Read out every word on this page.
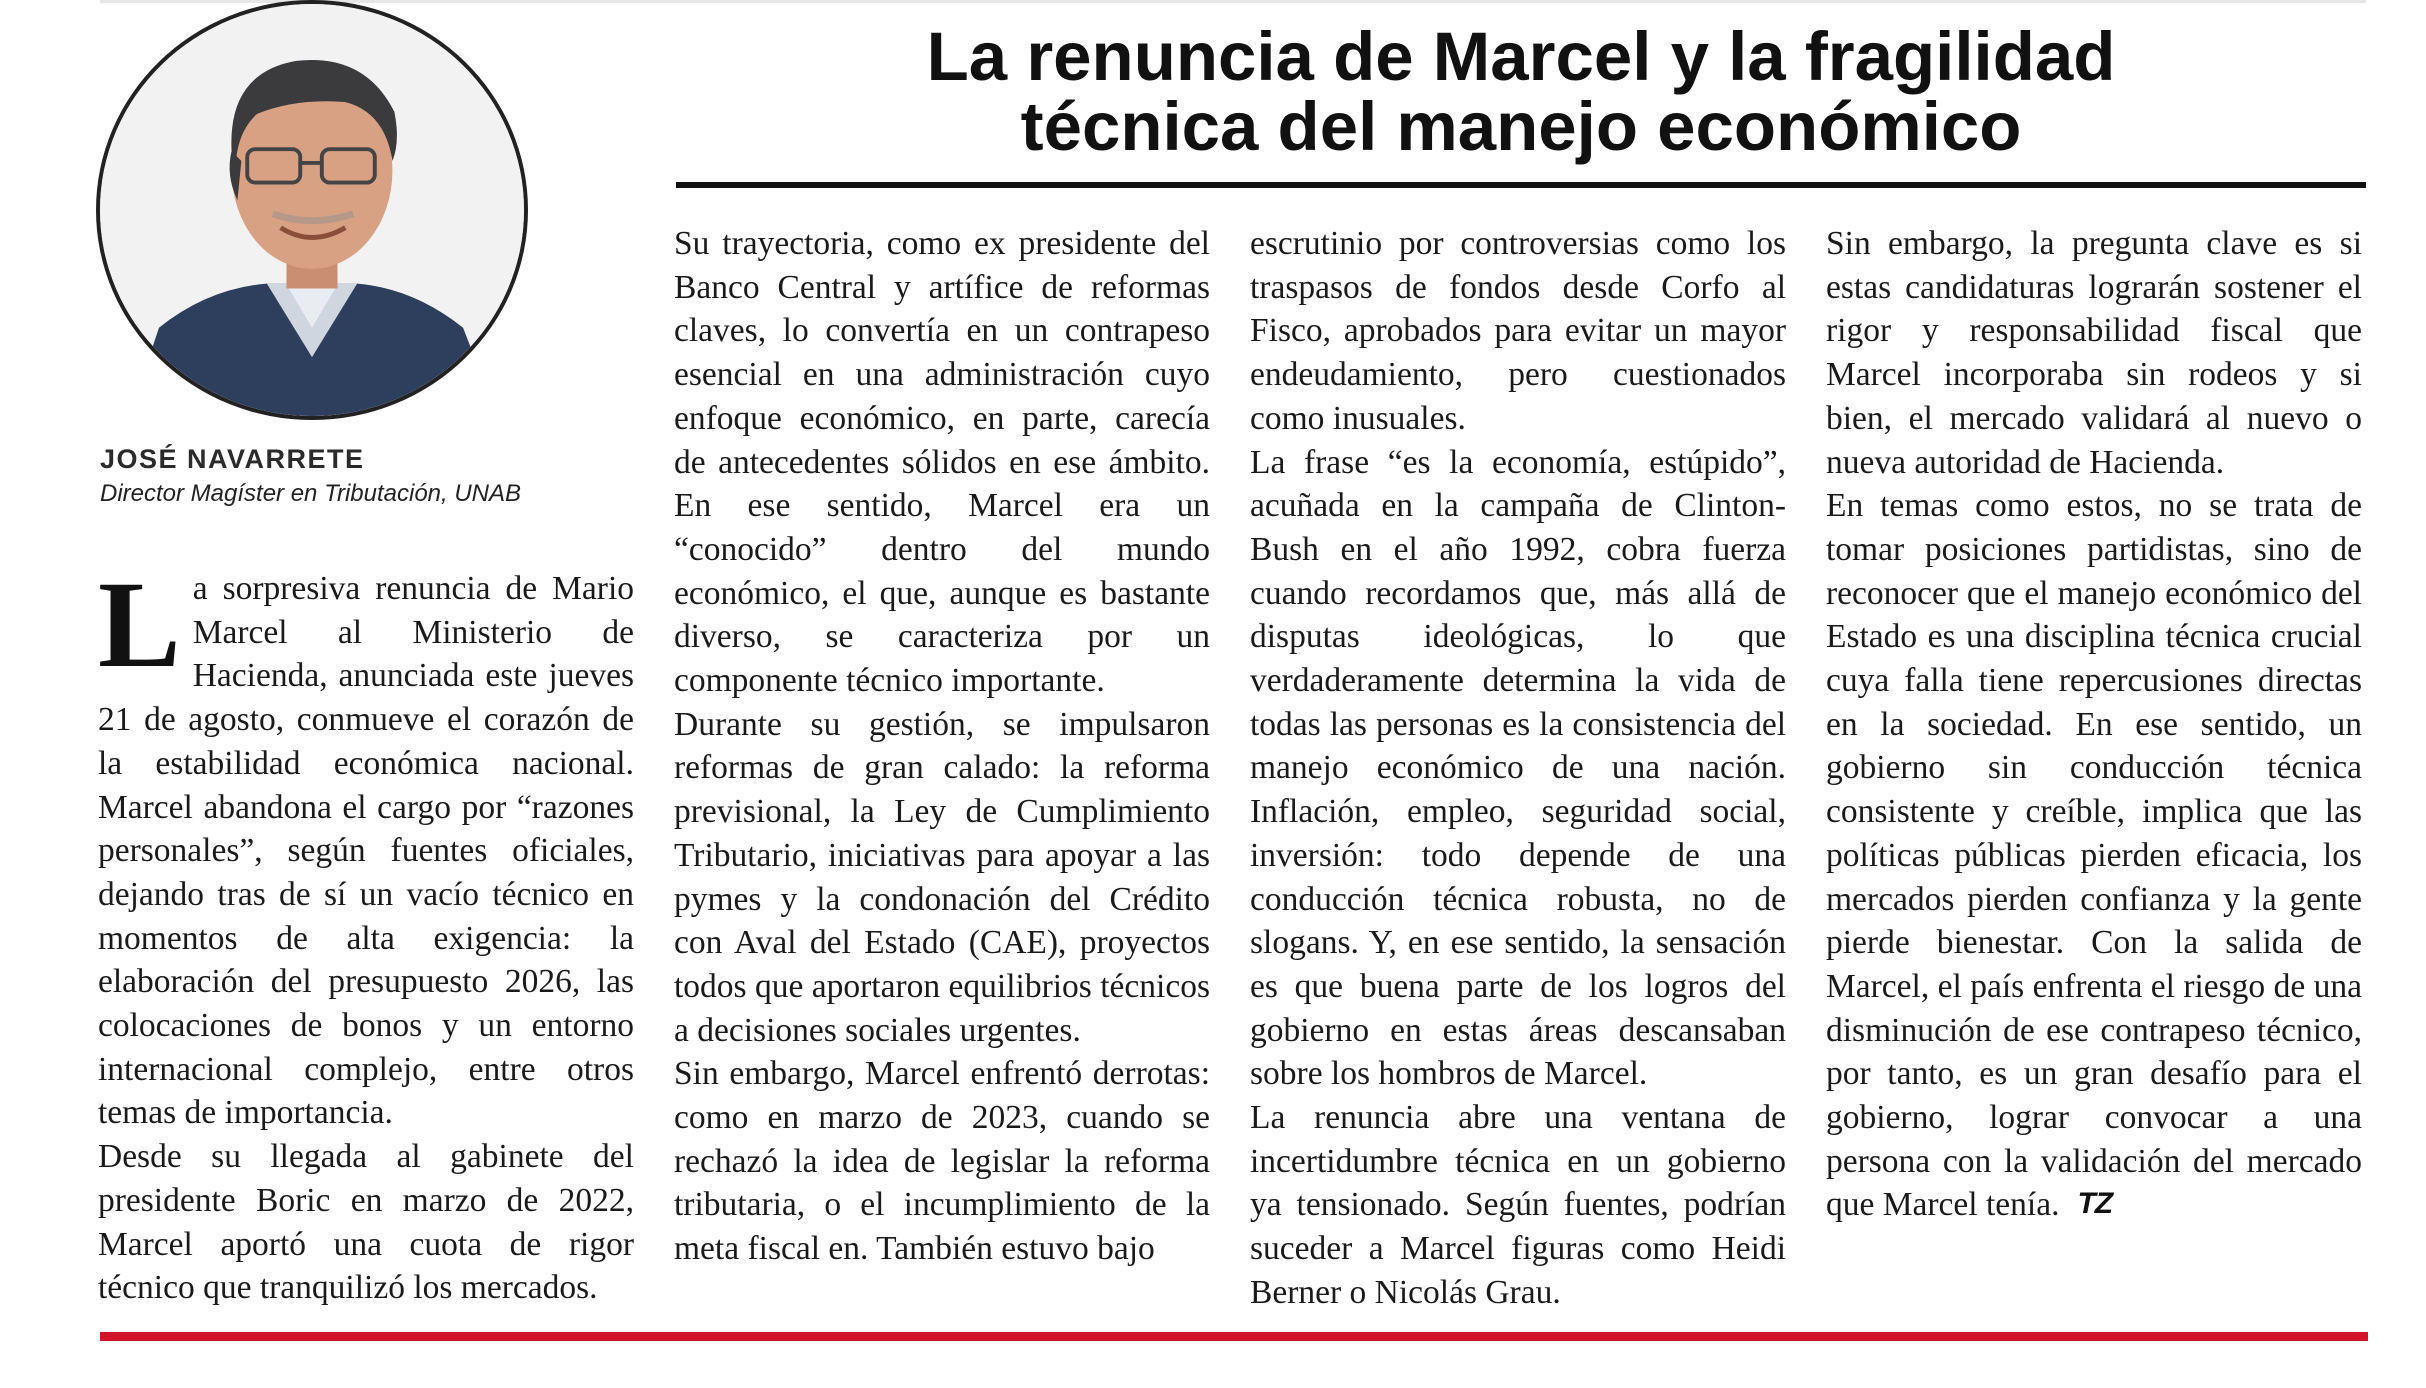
JOSÉ NAVARRETE
Director Magíster en Tributación, UNAB
La renuncia de Marcel y la fragilidad
técnica del manejo económico

La sorpresiva renuncia de Mario Marcel al Ministerio de Hacienda, anunciada este jueves 21 de agosto, conmueve el corazón de la estabilidad económica nacional. Marcel abandona el cargo por “razones personales”, según fuentes oficiales, dejando tras de sí un vacío técnico en momentos de alta exigencia: la elaboración del presupuesto 2026, las colocaciones de bonos y un entorno internacional complejo, entre otros temas de importancia.

Desde su llegada al gabinete del presidente Boric en marzo de 2022, Marcel aportó una cuota de rigor técnico que tranquilizó los mercados.

Su trayectoria, como ex presidente del Banco Central y artífice de reformas claves, lo convertía en un contrapeso esencial en una administración cuyo enfoque económico, en parte, carecía de antecedentes sólidos en ese ámbito. En ese sentido, Marcel era un “conocido” dentro del mundo económico, el que, aunque es bastante diverso, se caracteriza por un componente técnico importante.

Durante su gestión, se impulsaron reformas de gran calado: la reforma previsional, la Ley de Cumplimiento Tributario, iniciativas para apoyar a las pymes y la condonación del Crédito con Aval del Estado (CAE), proyectos todos que aportaron equilibrios técnicos a decisiones sociales urgentes.

Sin embargo, Marcel enfrentó derrotas: como en marzo de 2023, cuando se rechazó la idea de legislar la reforma tributaria, o el incumplimiento de la meta fiscal en. También estuvo bajo

escrutinio por controversias como los traspasos de fondos desde Corfo al Fisco, aprobados para evitar un mayor endeudamiento, pero cuestionados como inusuales.

La frase “es la economía, estúpido”, acuñada en la campaña de Clinton-Bush en el año 1992, cobra fuerza cuando recordamos que, más allá de disputas ideológicas, lo que verdaderamente determina la vida de todas las personas es la consistencia del manejo económico de una nación. Inflación, empleo, seguridad social, inversión: todo depende de una conducción técnica robusta, no de slogans. Y, en ese sentido, la sensación es que buena parte de los logros del gobierno en estas áreas descansaban sobre los hombros de Marcel.

La renuncia abre una ventana de incertidumbre técnica en un gobierno ya tensionado. Según fuentes, podrían suceder a Marcel figuras como Heidi Berner o Nicolás Grau.

Sin embargo, la pregunta clave es si estas candidaturas lograrán sostener el rigor y responsabilidad fiscal que Marcel incorporaba sin rodeos y si bien, el mercado validará al nuevo o nueva autoridad de Hacienda.

En temas como estos, no se trata de tomar posiciones partidistas, sino de reconocer que el manejo económico del Estado es una disciplina técnica crucial cuya falla tiene repercusiones directas en la sociedad. En ese sentido, un gobierno sin conducción técnica consistente y creíble, implica que las políticas públicas pierden eficacia, los mercados pierden confianza y la gente pierde bienestar. Con la salida de Marcel, el país enfrenta el riesgo de una disminución de ese contrapeso técnico, por tanto, es un gran desafío para el gobierno, lograr convocar a una persona con la validación del mercado que Marcel tenía. TZ
